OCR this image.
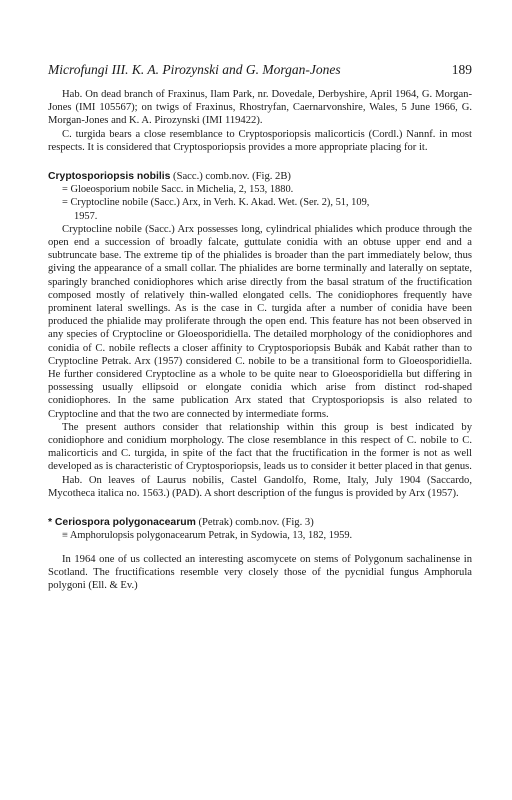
Microfungi III. K. A. Pirozynski and G. Morgan-Jones	189

Hab. On dead branch of Fraxinus, Ilam Park, nr. Dovedale, Derbyshire, April 1964, G. Morgan-Jones (IMI 105567); on twigs of Fraxinus, Rhostryfan, Caernarvonshire, Wales, 5 June 1966, G. Morgan-Jones and K. A. Pirozynski (IMI 119422).

C. turgida bears a close resemblance to Cryptosporiopsis malicorticis (Cordl.) Nannf. in most respects. It is considered that Cryptosporiopsis provides a more appropriate placing for it.

Cryptosporiopsis nobilis (Sacc.) comb.nov. (Fig. 2B)

= Gloeosporium nobile Sacc. in Michelia, 2, 153, 1880.

= Cryptocline nobile (Sacc.) Arx, in Verh. K. Akad. Wet. (Ser. 2), 51, 109,

1957.

Cryptocline nobile (Sacc.) Arx possesses long, cylindrical phialides which produce through the open end a succession of broadly falcate, guttulate conidia with an obtuse upper end and a subtruncate base. The extreme tip of the phialides is broader than the part immediately below, thus giving the appearance of a small collar. The phialides are borne terminally and laterally on septate, sparingly branched conidiophores which arise directly from the basal stratum of the fructification composed mostly of relatively thin-walled elongated cells. The conidiophores frequently have prominent lateral swellings. As is the case in C. turgida after a number of conidia have been produced the phialide may proliferate through the open end. This feature has not been observed in any species of Cryptocline or Gloeosporidiella. The detailed morphology of the conidiophores and conidia of C. nobile reflects a closer affinity to Cryptosporiopsis Bubák and Kabát rather than to Cryptocline Petrak. Arx (1957) considered C. nobile to be a transitional form to Gloeosporidiella. He further considered Cryptocline as a whole to be quite near to Gloeosporidiella but differing in possessing usually ellipsoid or elongate conidia which arise from distinct rod-shaped conidiophores. In the same publication Arx stated that Cryptosporiopsis is also related to Cryptocline and that the two are connected by intermediate forms.

The present authors consider that relationship within this group is best indicated by conidiophore and conidium morphology. The close resemblance in this respect of C. nobile to C. malicorticis and C. turgida, in spite of the fact that the fructification in the former is not as well developed as is characteristic of Cryptosporiopsis, leads us to consider it better placed in that genus.

Hab. On leaves of Laurus nobilis, Castel Gandolfo, Rome, Italy, July 1904 (Saccardo, Mycotheca italica no. 1563.) (PAD). A short description of the fungus is provided by Arx (1957).

* Ceriospora polygonacearum (Petrak) comb.nov. (Fig. 3)

≡ Amphorulopsis polygonacearum Petrak, in Sydowia, 13, 182, 1959.

In 1964 one of us collected an interesting ascomycete on stems of Polygonum sachalinense in Scotland. The fructifications resemble very closely those of the pycnidial fungus Amphorula polygoni (Ell. & Ev.)
